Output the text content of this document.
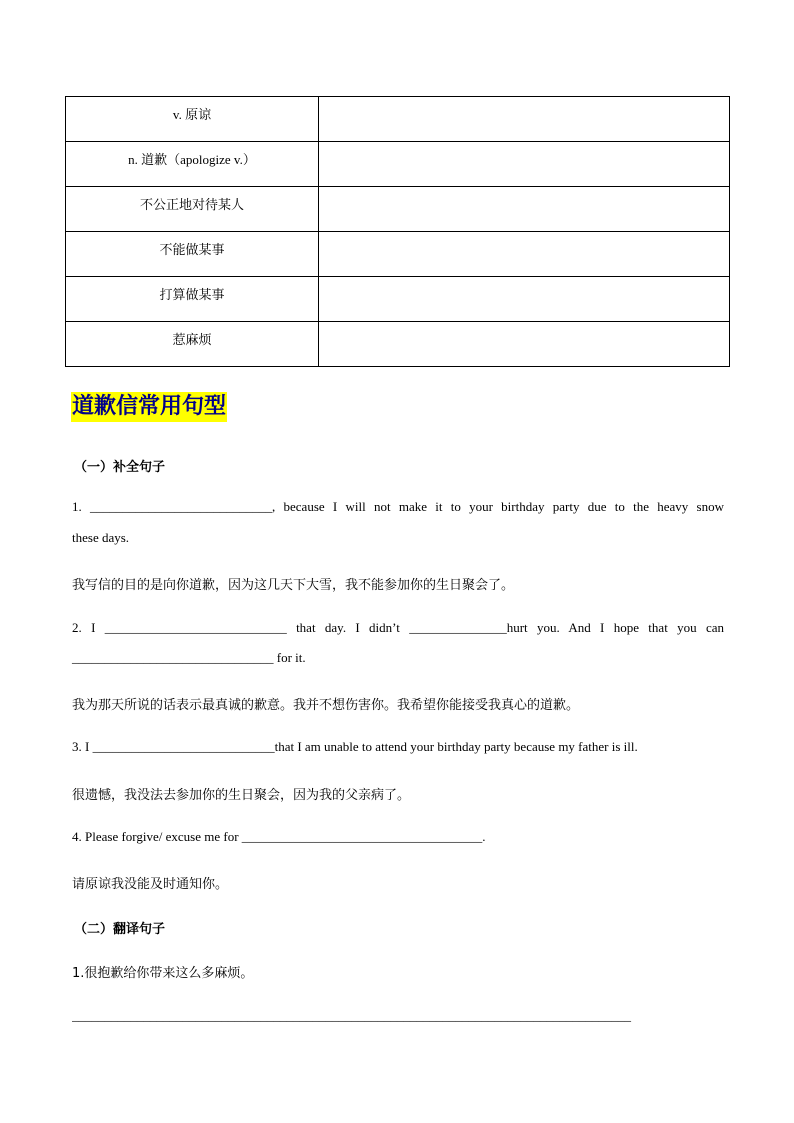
v. 原谅	
n. 道歉（apologize v.）	
不公正地对待某人	
不能做某事	
打算做某事	
惹麻烦	
道歉信常用句型

（一）补全句子

1. ____________________________, because I will not make it to your birthday party due to the heavy snow

these days.

我写信的目的是向你道歉，因为这几天下大雪，我不能参加你的生日聚会了。

2. I ____________________________ that day. I didn’t _______________hurt you. And I hope that you can

_______________________________ for it.

我为那天所说的话表示最真诚的歉意。我并不想伤害你。我希望你能接受我真心的道歉。

3. I ____________________________that I am unable to attend your birthday party because my father is ill.

很遗憾，我没法去参加你的生日聚会，因为我的父亲病了。

4. Please forgive/ excuse me for _____________________________________.

请原谅我没能及时通知你。

（二）翻译句子

1.很抱歉给你带来这么多麻烦。

______________________________________________________________________________________
